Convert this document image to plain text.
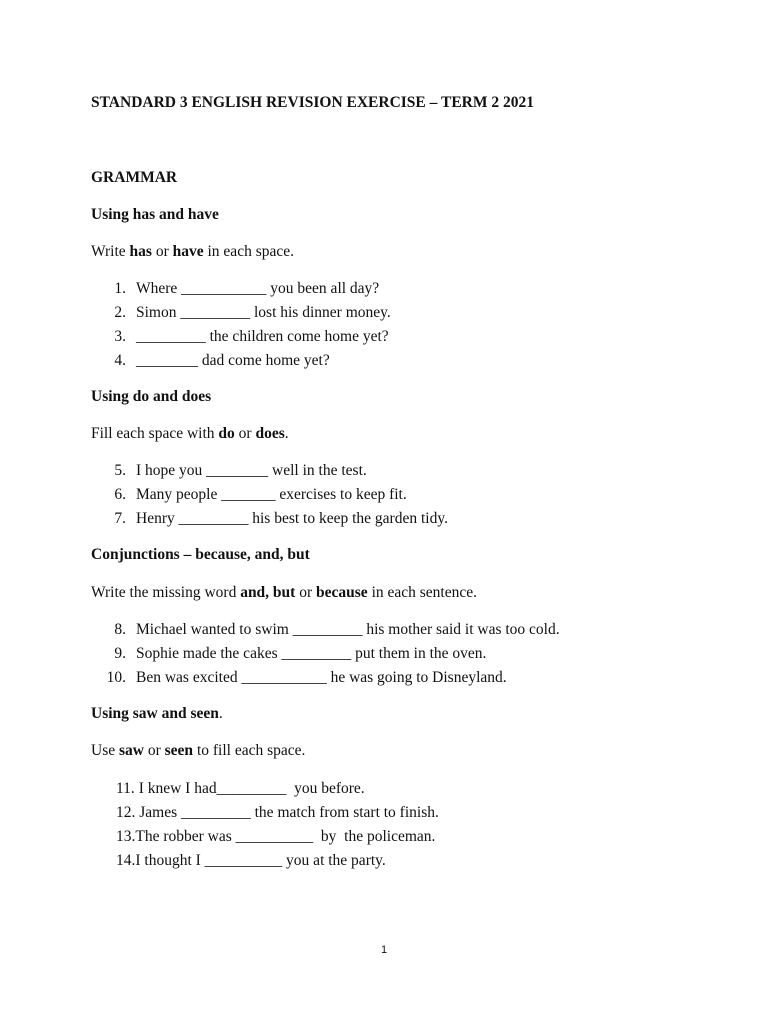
STANDARD 3 ENGLISH REVISION EXERCISE – TERM 2 2021
GRAMMAR
Using has and have
Write has or have in each space.
1. Where ___________ you been all day?
2. Simon _________ lost his dinner money.
3. _________ the children come home yet?
4. ________ dad come home yet?
Using do and does
Fill each space with do or does.
5. I hope you ________ well in the test.
6. Many people _______ exercises to keep fit.
7. Henry _________ his best to keep the garden tidy.
Conjunctions – because, and, but
Write the missing word and, but or because in each sentence.
8. Michael wanted to swim _________ his mother said it was too cold.
9. Sophie made the cakes _________ put them in the oven.
10. Ben was excited ___________ he was going to Disneyland.
Using saw and seen.
Use saw or seen to fill each space.
11. I knew I had_________  you before.
12. James _________ the match from start to finish.
13.The robber was __________  by  the policeman.
14.I thought I __________ you at the party.
1
